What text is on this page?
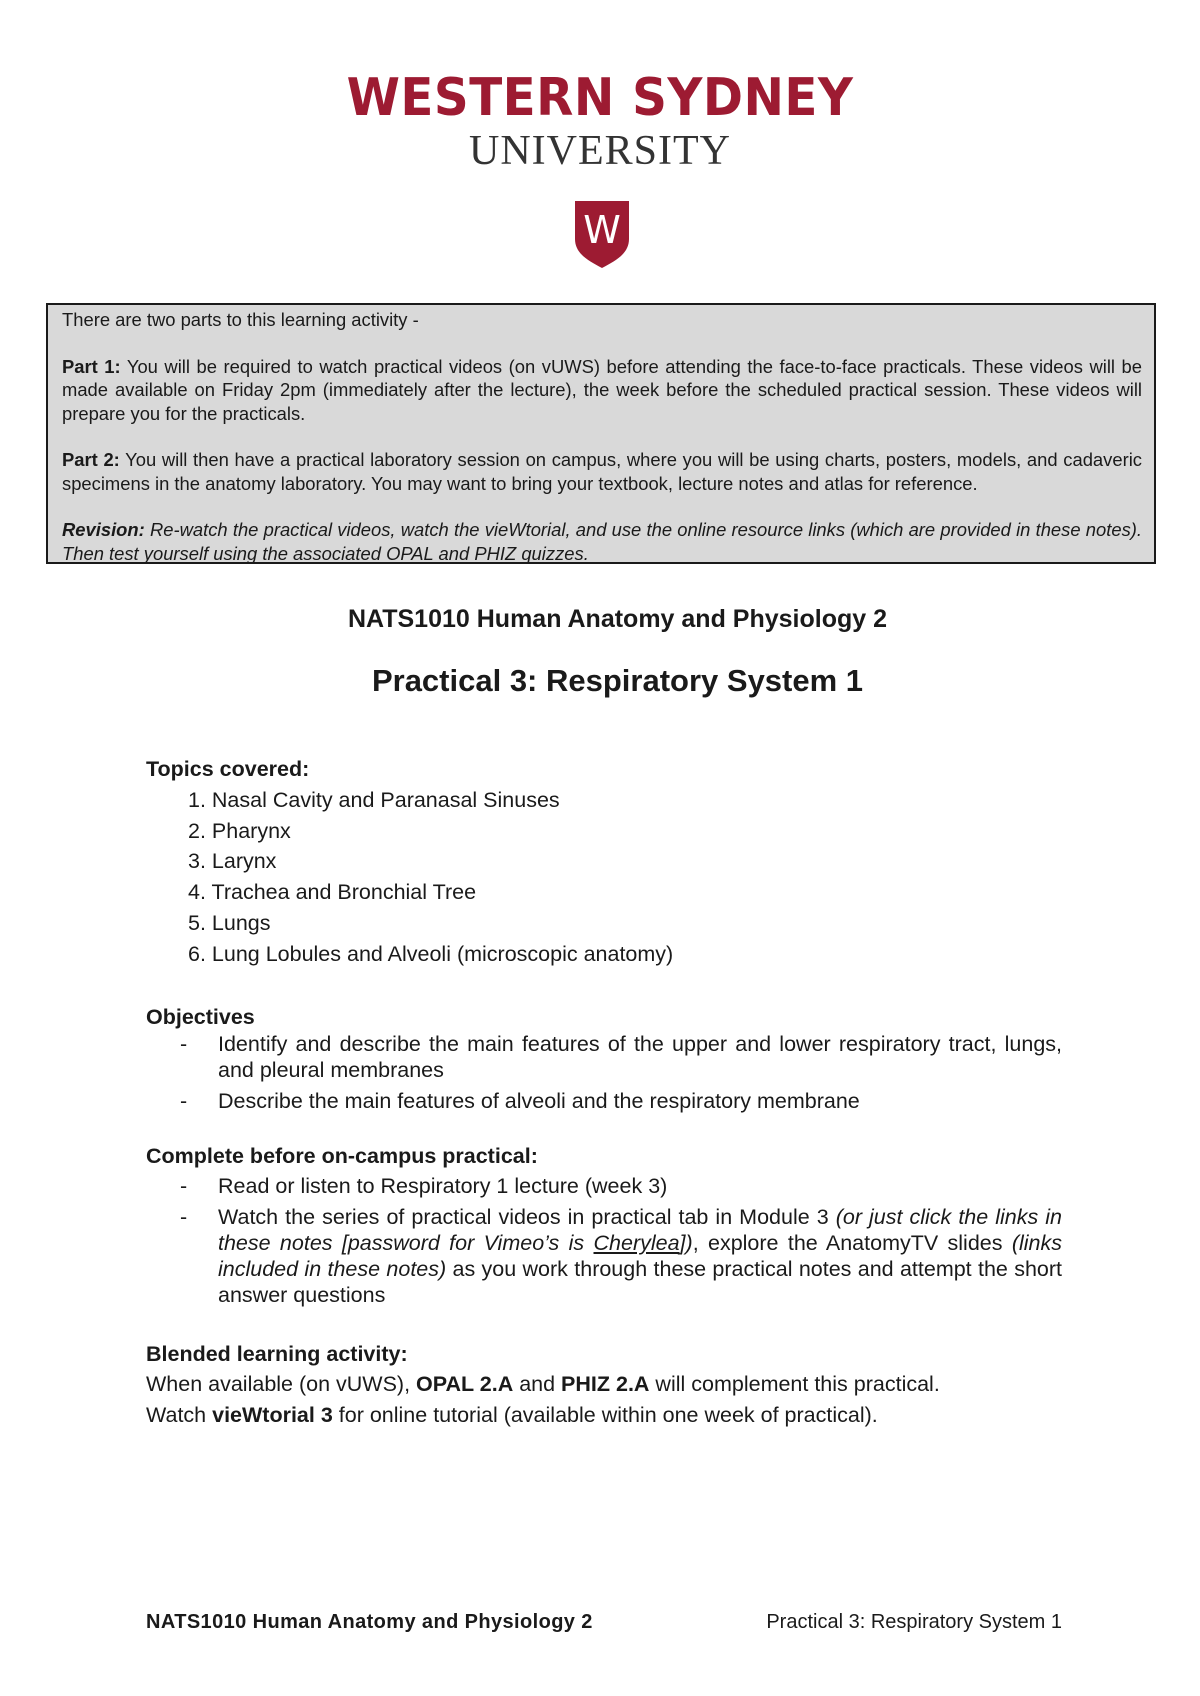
WESTERN SYDNEY
UNIVERSITY
W

There are two parts to this learning activity -

Part 1: You will be required to watch practical videos (on vUWS) before attending the face-to-face practicals. These videos will be made available on Friday 2pm (immediately after the lecture), the week before the scheduled practical session. These videos will prepare you for the practicals.

Part 2: You will then have a practical laboratory session on campus, where you will be using charts, posters, models, and cadaveric specimens in the anatomy laboratory. You may want to bring your textbook, lecture notes and atlas for reference.

Revision: Re-watch the practical videos, watch the vieWtorial, and use the online resource links (which are provided in these notes). Then test yourself using the associated OPAL and PHIZ quizzes.

NATS1010 Human Anatomy and Physiology 2
Practical 3: Respiratory System 1
Topics covered:
1. Nasal Cavity and Paranasal Sinuses
2. Pharynx
3. Larynx
4. Trachea and Bronchial Tree
5. Lungs
6. Lung Lobules and Alveoli (microscopic anatomy)
Objectives
- Identify and describe the main features of the upper and lower respiratory tract, lungs, and pleural membranes
- Describe the main features of alveoli and the respiratory membrane
Complete before on-campus practical:
- Read or listen to Respiratory 1 lecture (week 3)
- Watch the series of practical videos in practical tab in Module 3 (or just click the links in these notes [password for Vimeo’s is Cherylea]), explore the AnatomyTV slides (links included in these notes) as you work through these practical notes and attempt the short answer questions
Blended learning activity:
When available (on vUWS), OPAL 2.A and PHIZ 2.A will complement this practical.
Watch vieWtorial 3 for online tutorial (available within one week of practical).
NATS1010 Human Anatomy and Physiology 2	Practical 3: Respiratory System 1
